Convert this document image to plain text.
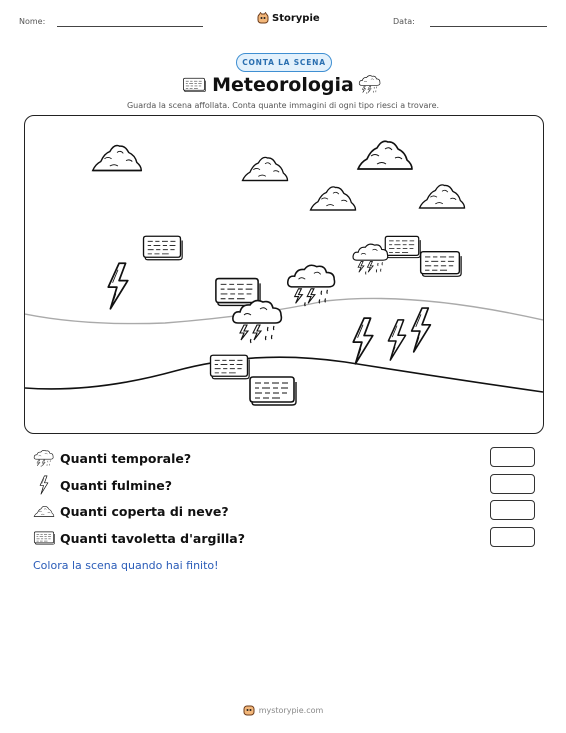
Nome:	Storypie	Data:
CONTA LA SCENA
Meteorologia
Guarda la scena affollata. Conta quante immagini di ogni tipo riesci a trovare.
Quanti temporale?
Quanti fulmine?
Quanti coperta di neve?
Quanti tavoletta d'argilla?
Colora la scena quando hai finito!
mystorypie.com
